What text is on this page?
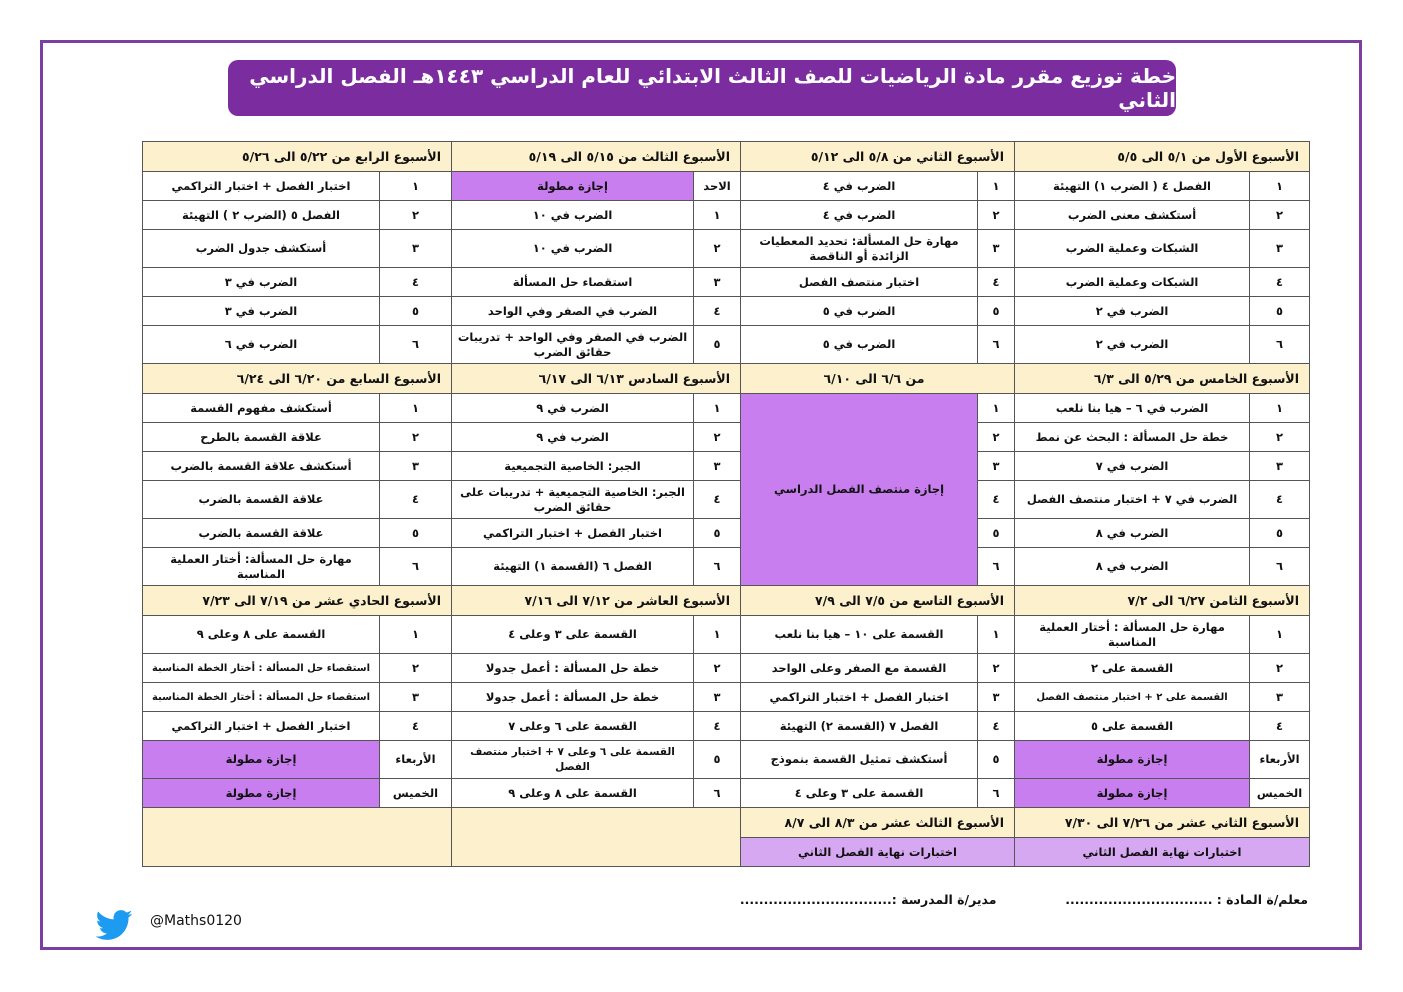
خطة توزيع مقرر مادة الرياضيات للصف الثالث الابتدائي للعام الدراسي ١٤٤٣هـ الفصل الدراسي الثاني
الأسبوع الأول من ٥/١ الى ٥/٥		الأسبوع الثاني من ٥/٨ الى ٥/١٢		الأسبوع الثالث من ٥/١٥ الى ٥/١٩		الأسبوع الرابع من ٥/٢٢ الى ٥/٢٦	
١	الفصل ٤ ( الضرب ١) التهيئة	١	الضرب في ٤	الاحد	إجازة مطولة	١	اختبار الفصل + اختبار التراكمي
٢	أستكشف معنى الضرب	٢	الضرب في ٤	١	الضرب في ١٠	٢	الفصل ٥ (الضرب ٢ ) التهيئة
٣	الشبكات وعملية الضرب	٣	مهارة حل المسألة: تحديد المعطيات الزائدة أو الناقصة	٢	الضرب في ١٠	٣	أستكشف جدول الضرب
٤	الشبكات وعملية الضرب	٤	اختبار منتصف الفصل	٣	استقصاء حل المسألة	٤	الضرب في ٣
٥	الضرب في ٢	٥	الضرب في ٥	٤	الضرب في الصفر وفي الواحد	٥	الضرب في ٣
٦	الضرب في ٢	٦	الضرب في ٥	٥	الضرب في الصفر وفي الواحد + تدريبات حقائق الضرب	٦	الضرب في ٦
الأسبوع الخامس من ٥/٢٩ الى ٦/٣		من ٦/٦ الى ٦/١٠		الأسبوع السادس ٦/١٣ الى ٦/١٧		الأسبوع السابع من ٦/٢٠ الى ٦/٢٤	
١	الضرب في ٦ – هيا بنا نلعب	١	إجازة منتصف الفصل الدراسي	١	الضرب في ٩	١	أستكشف مفهوم القسمة
٢	خطة حل المسألة : البحث عن نمط	٢		٢	الضرب في ٩	٢	علاقة القسمة بالطرح
٣	الضرب في ٧	٣		٣	الجبر: الخاصية التجميعية	٣	أستكشف علاقة القسمة بالضرب
٤	الضرب في ٧ + اختبار منتصف الفصل	٤		٤	الجبر: الخاصية التجميعية + تدريبات على حقائق الضرب	٤	علاقة القسمة بالضرب
٥	الضرب في ٨	٥		٥	اختبار الفصل + اختبار التراكمي	٥	علاقة القسمة بالضرب
٦	الضرب في ٨	٦		٦	الفصل ٦ (القسمة ١) التهيئة	٦	مهارة حل المسألة: أختار العملية المناسبة
الأسبوع الثامن ٦/٢٧ الى ٧/٢		الأسبوع التاسع من ٧/٥ الى ٧/٩		الأسبوع العاشر من ٧/١٢ الى ٧/١٦		الأسبوع الحادي عشر من ٧/١٩ الى ٧/٢٣	
١	مهارة حل المسألة : أختار العملية المناسبة	١	القسمة على ١٠ – هيا بنا نلعب	١	القسمة على ٣ وعلى ٤	١	القسمة على ٨ وعلى ٩
٢	القسمة على ٢	٢	القسمة مع الصفر وعلى الواحد	٢	خطة حل المسألة : أعمل جدولا	٢	استقصاء حل المسألة : أختار الخطة المناسبة
٣	القسمة على ٢ + اختبار منتصف الفصل	٣	اختبار الفصل + اختبار التراكمي	٣	خطة حل المسألة : أعمل جدولا	٣	استقصاء حل المسألة : أختار الخطة المناسبة
٤	القسمة على ٥	٤	الفصل ٧ (القسمة ٢) التهيئة	٤	القسمة على ٦ وعلى ٧	٤	اختبار الفصل + اختبار التراكمي
الأربعاء	إجازة مطولة	٥	أستكشف تمثيل القسمة بنموذج	٥	القسمة على ٦ وعلى ٧ + اختبار منتصف الفصل	الأربعاء	إجازة مطولة
الخميس	إجازة مطولة	٦	القسمة على ٣ وعلى ٤	٦	القسمة على ٨ وعلى ٩	الخميس	إجازة مطولة
الأسبوع الثاني عشر من ٧/٢٦ الى ٧/٣٠		الأسبوع الثالث عشر من ٨/٣ الى ٨/٧					
اختبارات نهاية الفصل الثاني		اختبارات نهاية الفصل الثاني					
معلم/ة المادة : ...............................  مدير/ة المدرسة :................................
@Maths0120
